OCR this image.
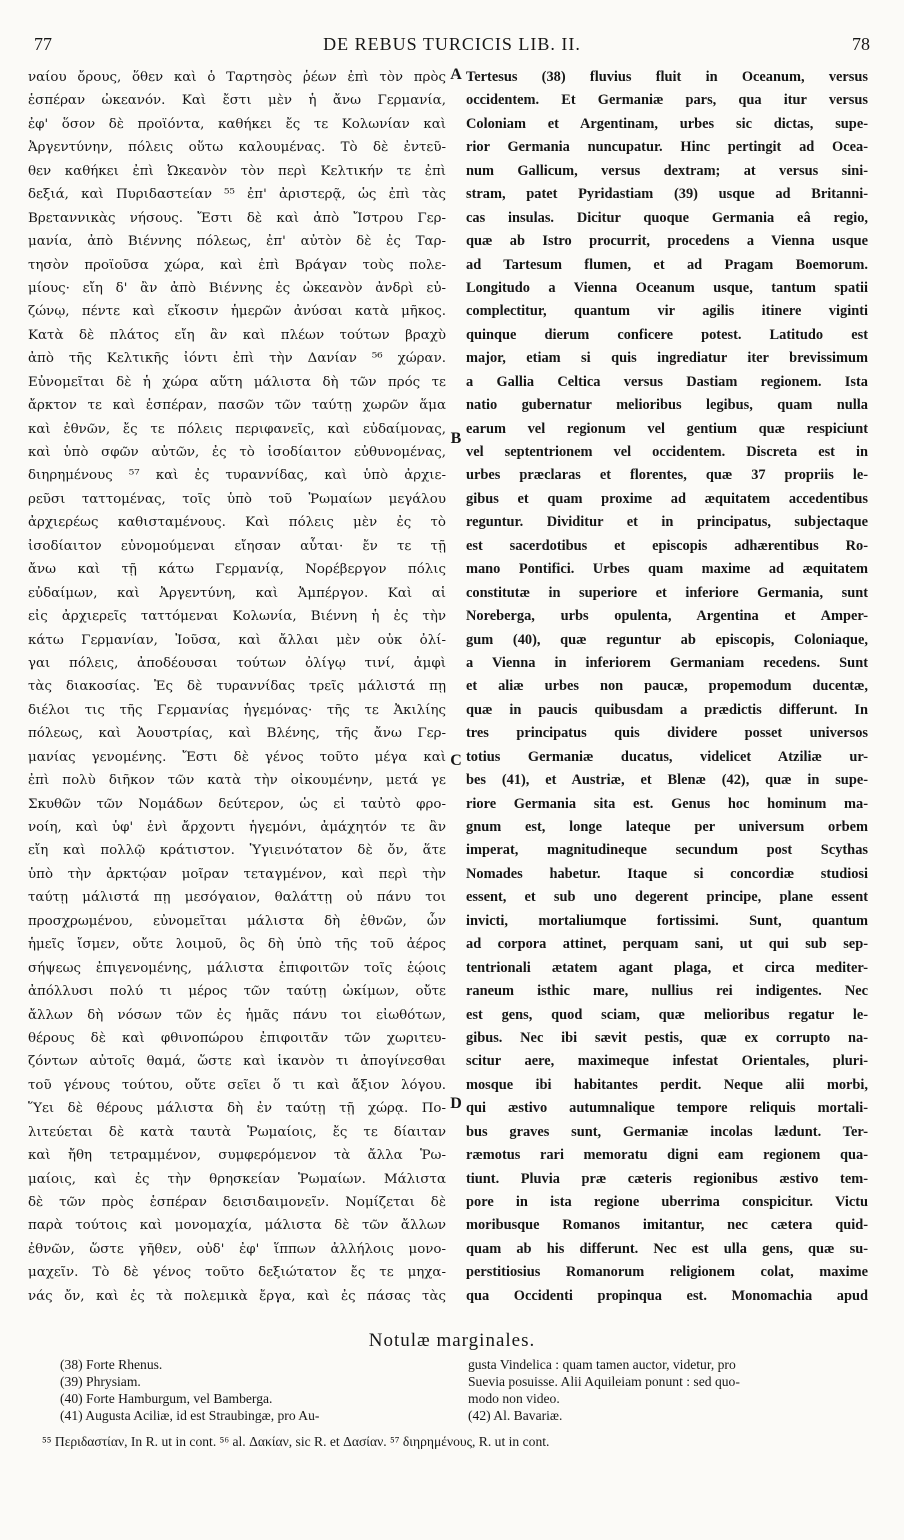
77	DE REBUS TURCICIS LIB. II.	78
ναίου ὄρους, ὅθεν καὶ ὁ Ταρτησὸς ῥέων ἐπὶ τὸν πρὸς
ἑσπέραν ὠκεανόν. Καὶ ἔστι μὲν ἡ ἄνω Γερμανία,
ἐφ' ὅσον δὲ προϊόντα, καθήκει ἔς τε Κολωνίαν καὶ
Ἀργεντύνην, πόλεις οὕτω καλουμένας. Τὸ δὲ ἐντεῦ-
θεν καθήκει ἐπὶ Ὠκεανὸν τὸν περὶ Κελτικήν τε ἐπὶ
δεξιά, καὶ Πυριδαστείαν ⁵⁵ ἐπ' ἀριστερᾷ, ὡς ἐπὶ τὰς
Βρεταννικὰς νήσους. Ἔστι δὲ καὶ ἀπὸ Ἴστρου Γερ-
μανία, ἀπὸ Βιέννης πόλεως, ἐπ' αὐτὸν δὲ ἐς Ταρ-
τησὸν προϊοῦσα χώρα, καὶ ἐπὶ Βράγαν τοὺς πολε-
μίους· εἴη δ' ἂν ἀπὸ Βιέννης ἐς ὠκεανὸν ἀνδρὶ εὐ-
ζώνῳ, πέντε καὶ εἴκοσιν ἡμερῶν ἀνύσαι κατὰ μῆκος.
Κατὰ δὲ πλάτος εἴη ἂν καὶ πλέων τούτων βραχὺ
ἀπὸ τῆς Κελτικῆς ἰόντι ἐπὶ τὴν Δανίαν ⁵⁶ χώραν.
Εὐνομεῖται δὲ ἡ χώρα αὕτη μάλιστα δὴ τῶν πρός τε
ἄρκτον τε καὶ ἑσπέραν, πασῶν τῶν ταύτῃ χωρῶν ἅμα
καὶ ἐθνῶν, ἔς τε πόλεις περιφανεῖς, καὶ εὐδαίμονας,
καὶ ὑπὸ σφῶν αὐτῶν, ἐς τὸ ἰσοδίαιτον εὐθυνομένας,
διηρημένους ⁵⁷ καὶ ἐς τυραννίδας, καὶ ὑπὸ ἀρχιε-
ρεῦσι ταττομένας, τοῖς ὑπὸ τοῦ Ῥωμαίων μεγάλου
ἀρχιερέως καθισταμένους. Καὶ πόλεις μὲν ἐς τὸ
ἰσοδίαιτον εὐνομούμεναι εἴησαν αὗται· ἔν τε τῇ
ἄνω καὶ τῇ κάτω Γερμανίᾳ, Νορέβεργον πόλις
εὐδαίμων, καὶ Ἀργεντύνη, καὶ Ἀμπέργον. Καὶ αἱ
εἰς ἀρχιερεῖς ταττόμεναι Κολωνία, Βιέννη ἡ ἐς τὴν
κάτω Γερμανίαν, Ἰοῦσα, καὶ ἄλλαι μὲν οὐκ ὀλί-
γαι πόλεις, ἀποδέουσαι τούτων ὀλίγῳ τινί, ἀμφὶ
τὰς διακοσίας. Ἐς δὲ τυραννίδας τρεῖς μάλιστά πῃ
διέλοι τις τῆς Γερμανίας ἡγεμόνας· τῆς τε Ἀκιλίης
πόλεως, καὶ Ἀουστρίας, καὶ Βλένης, τῆς ἄνω Γερ-
μανίας γενομένης. Ἔστι δὲ γένος τοῦτο μέγα καὶ
ἐπὶ πολὺ διῆκον τῶν κατὰ τὴν οἰκουμένην, μετά γε
Σκυθῶν τῶν Νομάδων δεύτερον, ὡς εἰ ταὐτὸ φρο-
νοίη, καὶ ὑφ' ἑνὶ ἄρχοντι ἡγεμόνι, ἀμάχητόν τε ἂν
εἴη καὶ πολλῷ κράτιστον. Ὑγιεινότατον δὲ ὄν, ἅτε
ὑπὸ τὴν ἀρκτῴαν μοῖραν τεταγμένον, καὶ περὶ τὴν
ταύτῃ μάλιστά πῃ μεσόγαιον, θαλάττῃ οὐ πάνυ τοι
προσχρωμένου, εὐνομεῖται μάλιστα δὴ ἐθνῶν, ὧν
ἡμεῖς ἴσμεν, οὔτε λοιμοῦ, ὃς δὴ ὑπὸ τῆς τοῦ ἀέρος
σήψεως ἐπιγενομένης, μάλιστα ἐπιφοιτῶν τοῖς ἑῴοις
ἀπόλλυσι πολύ τι μέρος τῶν ταύτῃ ὠκίμων, οὔτε
ἄλλων δὴ νόσων τῶν ἐς ἡμᾶς πάνυ τοι εἰωθότων,
θέρους δὲ καὶ φθινοπώρου ἐπιφοιτᾶν τῶν χωριτευ-
ζόντων αὐτοῖς θαμά, ὥστε καὶ ἱκανὸν τι ἀπογίνεσθαι
τοῦ γένους τούτου, οὔτε σεῖει ὅ τι καὶ ἄξιον λόγου.
Ὕει δὲ θέρους μάλιστα δὴ ἐν ταύτῃ τῇ χώρᾳ. Πο-
λιτεύεται δὲ κατὰ ταυτὰ Ῥωμαίοις, ἔς τε δίαιταν
καὶ ἤθη τετραμμένον, συμφερόμενον τὰ ἄλλα Ῥω-
μαίοις, καὶ ἐς τὴν θρησκείαν Ῥωμαίων. Μάλιστα
δὲ τῶν πρὸς ἑσπέραν δεισιδαιμονεῖν. Νομίζεται δὲ
παρὰ τούτοις καὶ μονομαχία, μάλιστα δὲ τῶν ἄλλων
ἐθνῶν, ὥστε γῆθεν, οὐδ' ἐφ' ἵππων ἀλλήλοις μονο-
μαχεῖν. Τὸ δὲ γένος τοῦτο δεξιώτατον ἔς τε μηχα-
νάς ὄν, καὶ ἐς τὰ πολεμικὰ ἔργα, καὶ ἐς πάσας τὰς
A
B
C
D
Tertesus (38) fluvius fluit in Oceanum, versus
occidentem. Et Germaniæ pars, qua itur versus
Coloniam et Argentinam, urbes sic dictas, supe-
rior Germania nuncupatur. Hinc pertingit ad Ocea-
num Gallicum, versus dextram; at versus sini-
stram, patet Pyridastiam (39) usque ad Britanni-
cas insulas. Dicitur quoque Germania eâ regio,
quæ ab Istro procurrit, procedens a Vienna usque
ad Tartesum flumen, et ad Pragam Boemorum.
Longitudo a Vienna Oceanum usque, tantum spatii
complectitur, quantum vir agilis itinere viginti
quinque dierum conficere potest. Latitudo est
major, etiam si quis ingrediatur iter brevissimum
a Gallia Celtica versus Dastiam regionem. Ista
natio gubernatur melioribus legibus, quam nulla
earum vel regionum vel gentium quæ respiciunt
vel septentrionem vel occidentem. Discreta est in
urbes præclaras et florentes, quæ 37 propriis le-
gibus et quam proxime ad æquitatem accedentibus
reguntur. Dividitur et in principatus, subjectaque
est sacerdotibus et episcopis adhærentibus Ro-
mano Pontifici. Urbes quam maxime ad æquitatem
constitutæ in superiore et inferiore Germania, sunt
Noreberga, urbs opulenta, Argentina et Amper-
gum (40), quæ reguntur ab episcopis, Coloniaque,
a Vienna in inferiorem Germaniam recedens. Sunt
et aliæ urbes non paucæ, propemodum ducentæ,
quæ in paucis quibusdam a prædictis differunt. In
tres principatus quis dividere posset universos
totius Germaniæ ducatus, videlicet Atziliæ ur-
bes (41), et Austriæ, et Blenæ (42), quæ in supe-
riore Germania sita est. Genus hoc hominum ma-
gnum est, longe lateque per universum orbem
imperat, magnitudineque secundum post Scythas
Nomades habetur. Itaque si concordiæ studiosi
essent, et sub uno degerent principe, plane essent
invicti, mortaliumque fortissimi. Sunt, quantum
ad corpora attinet, perquam sani, ut qui sub sep-
tentrionali ætatem agant plaga, et circa mediter-
raneum isthic mare, nullius rei indigentes. Nec
est gens, quod sciam, quæ melioribus regatur le-
gibus. Nec ibi sævit pestis, quæ ex corrupto na-
scitur aere, maximeque infestat Orientales, pluri-
mosque ibi habitantes perdit. Neque alii morbi,
qui æstivo autumnalique tempore reliquis mortali-
bus graves sunt, Germaniæ incolas lædunt. Ter-
ræmotus rari memoratu digni eam regionem qua-
tiunt. Pluvia præ cæteris regionibus æstivo tem-
pore in ista regione uberrima conspicitur. Victu
moribusque Romanos imitantur, nec cætera quid-
quam ab his differunt. Nec est ulla gens, quæ su-
perstitiosius Romanorum religionem colat, maxime
qua Occidenti propinqua est. Monomachia apud
Notulæ marginales.
(38) Forte Rhenus.
(39) Phrysiam.
(40) Forte Hamburgum, vel Bamberga.
(41) Augusta Aciliæ, id est Straubingæ, pro Au-
gusta Vindelica : quam tamen auctor, videtur, pro
Suevia posuisse. Alii Aquileiam ponunt : sed quo-
modo non video.
(42) Al. Bavariæ.
⁵⁵ Περιδαστίαν, In R. ut in cont. ⁵⁶ al. Δακίαν, sic R. et Δασίαν. ⁵⁷ διηρημένους, R. ut in cont.
